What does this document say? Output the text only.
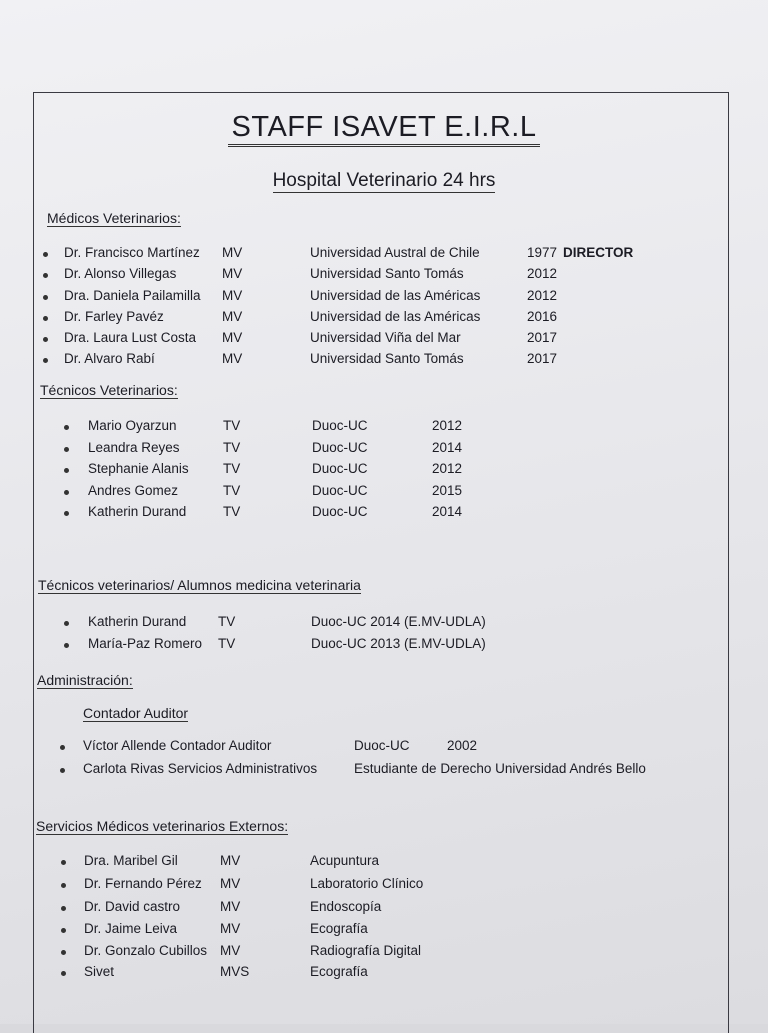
STAFF ISAVET E.I.R.L
Hospital Veterinario 24 hrs
Médicos Veterinarios:
Dr. Francisco Martínez MV	Universidad Austral de Chile	1977 DIRECTOR
Dr. Alonso Villegas	MV	Universidad Santo Tomás	2012
Dra. Daniela Pailamilla MV	Universidad de las Américas	2012
Dr. Farley Pavéz	MV	Universidad de las Américas	2016
Dra. Laura Lust Costa MV	Universidad Viña del Mar	2017
Dr. Alvaro Rabí	MV	Universidad Santo Tomás	2017
Técnicos Veterinarios:
Mario Oyarzun	TV	Duoc-UC	2012
Leandra Reyes	TV	Duoc-UC	2014
Stephanie Alanis	TV	Duoc-UC	2012
Andres Gomez	TV	Duoc-UC	2015
Katherin Durand	TV	Duoc-UC	2014
Técnicos veterinarios/ Alumnos medicina veterinaria
Katherin Durand TV	Duoc-UC 2014 (E.MV-UDLA)
María-Paz Romero TV	Duoc-UC 2013 (E.MV-UDLA)
Administración:
Contador Auditor
Víctor Allende Contador Auditor	Duoc-UC	2002
Carlota Rivas Servicios Administrativos	Estudiante de Derecho Universidad Andrés Bello
Servicios Médicos veterinarios Externos:
Dra. Maribel Gil	MV	Acupuntura
Dr. Fernando Pérez MV	Laboratorio Clínico
Dr. David castro	MV	Endoscopía
Dr. Jaime Leiva	MV	Ecografía
Dr. Gonzalo Cubillos MV	Radiografía Digital
Sivet	MVS	Ecografía
